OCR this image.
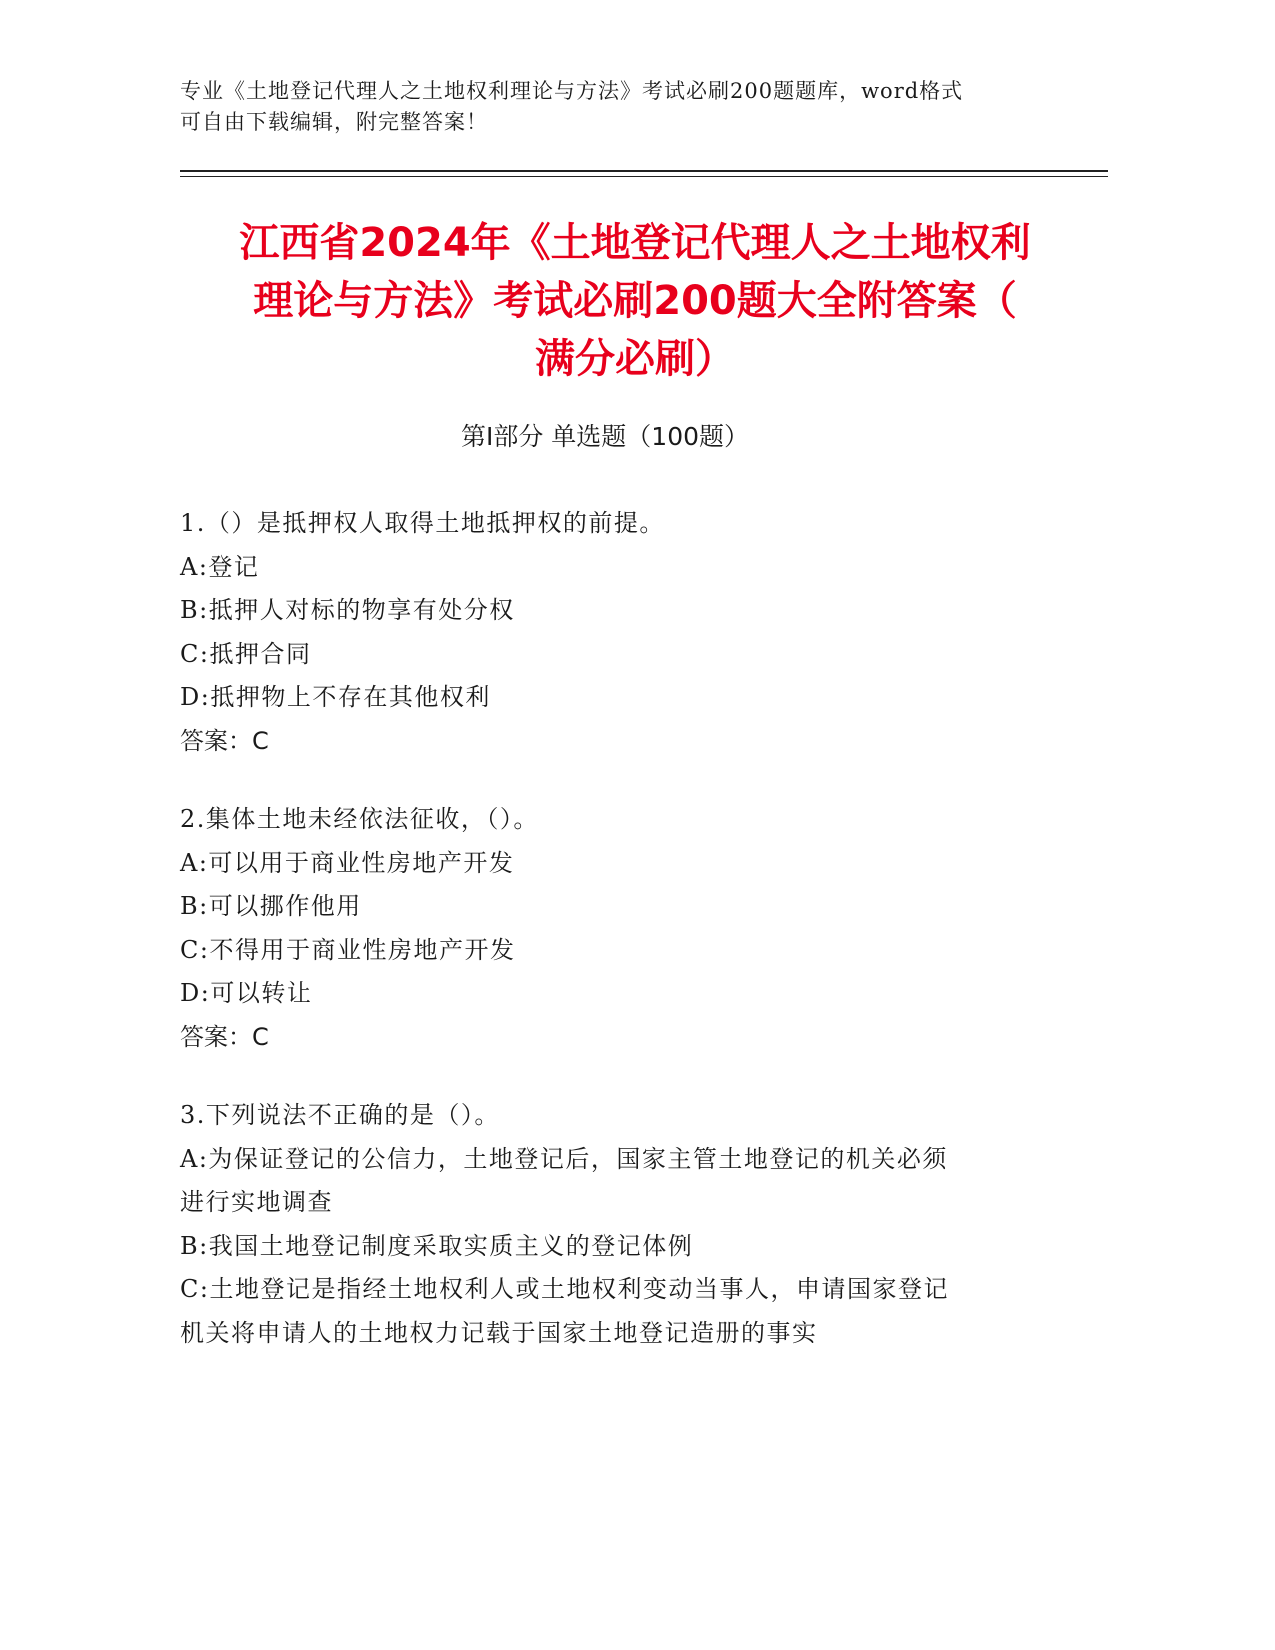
专业《土地登记代理人之土地权利理论与方法》考试必刷200题题库，word格式
可自由下载编辑，附完整答案！
江西省2024年《土地登记代理人之土地权利
理论与方法》考试必刷200题大全附答案（
满分必刷）
第Ⅰ部分 单选题（100题）
1.（）是抵押权人取得土地抵押权的前提。
A:登记
B:抵押人对标的物享有处分权
C:抵押合同
D:抵押物上不存在其他权利
答案：C
2.集体土地未经依法征收，（）。
A:可以用于商业性房地产开发
B:可以挪作他用
C:不得用于商业性房地产开发
D:可以转让
答案：C
3.下列说法不正确的是（）。
A:为保证登记的公信力，土地登记后，国家主管土地登记的机关必须
进行实地调查
B:我国土地登记制度采取实质主义的登记体例
C:土地登记是指经土地权利人或土地权利变动当事人，申请国家登记
机关将申请人的土地权力记载于国家土地登记造册的事实
